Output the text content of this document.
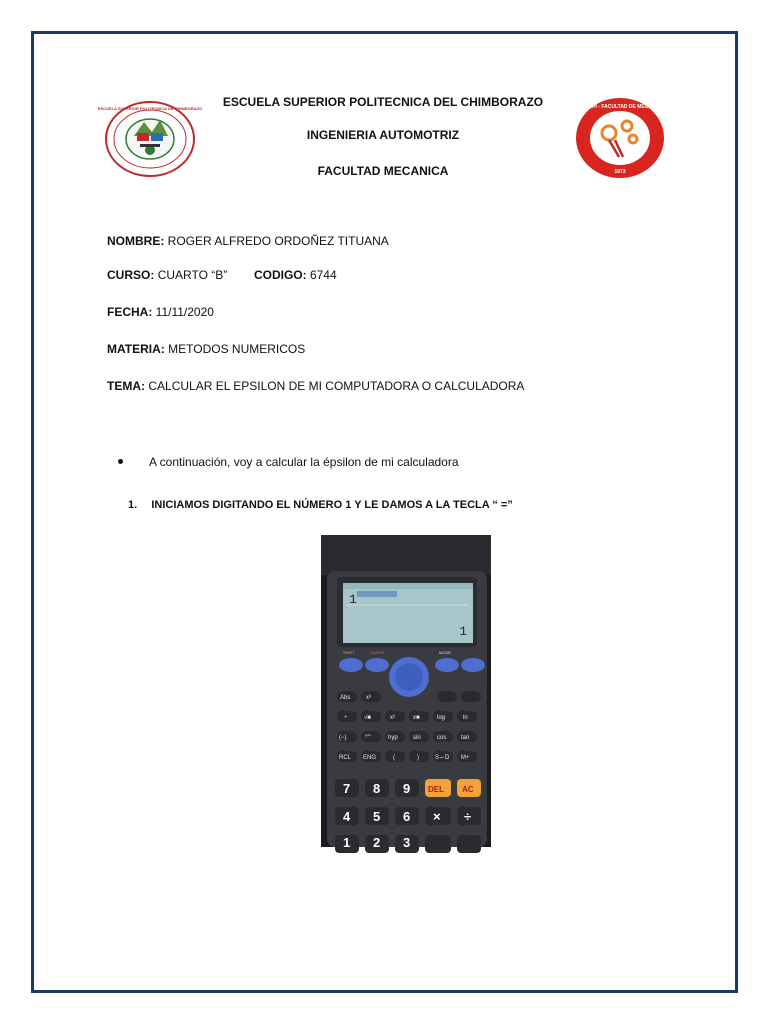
ESCUELA SUPERIOR POLITECNICA DE CHIMBORAZO	ESPOCH - FACULTAD DE MECANICA
1973
ESCUELA SUPERIOR POLITECNICA DEL CHIMBORAZO
INGENIERIA AUTOMOTRIZ
FACULTAD MECANICA
NOMBRE: ROGER ALFREDO ORDOÑEZ TITUANA
CURSO: CUARTO “B” CODIGO: 6744
FECHA: 11/11/2020
MATERIA: METODOS NUMERICOS
TEMA: CALCULAR EL EPSILON DE MI COMPUTADORA O CALCULADORA
A continuación, voy a calcular la épsilon de mi calculadora
1. INICIAMOS DIGITANDO EL NÚMERO 1 Y LE DAMOS A LA TECLA “ =”
1
1
SHIFT	ALPHA	MODE
Abs	x³
÷	√■	x²	x■	log	ln
(−)	°'"	hyp	sin	cos tan
RCL ENG	(	)	S⇔D M+
7 8 9 DEL AC
4 5 6 × ÷
1 2 3
